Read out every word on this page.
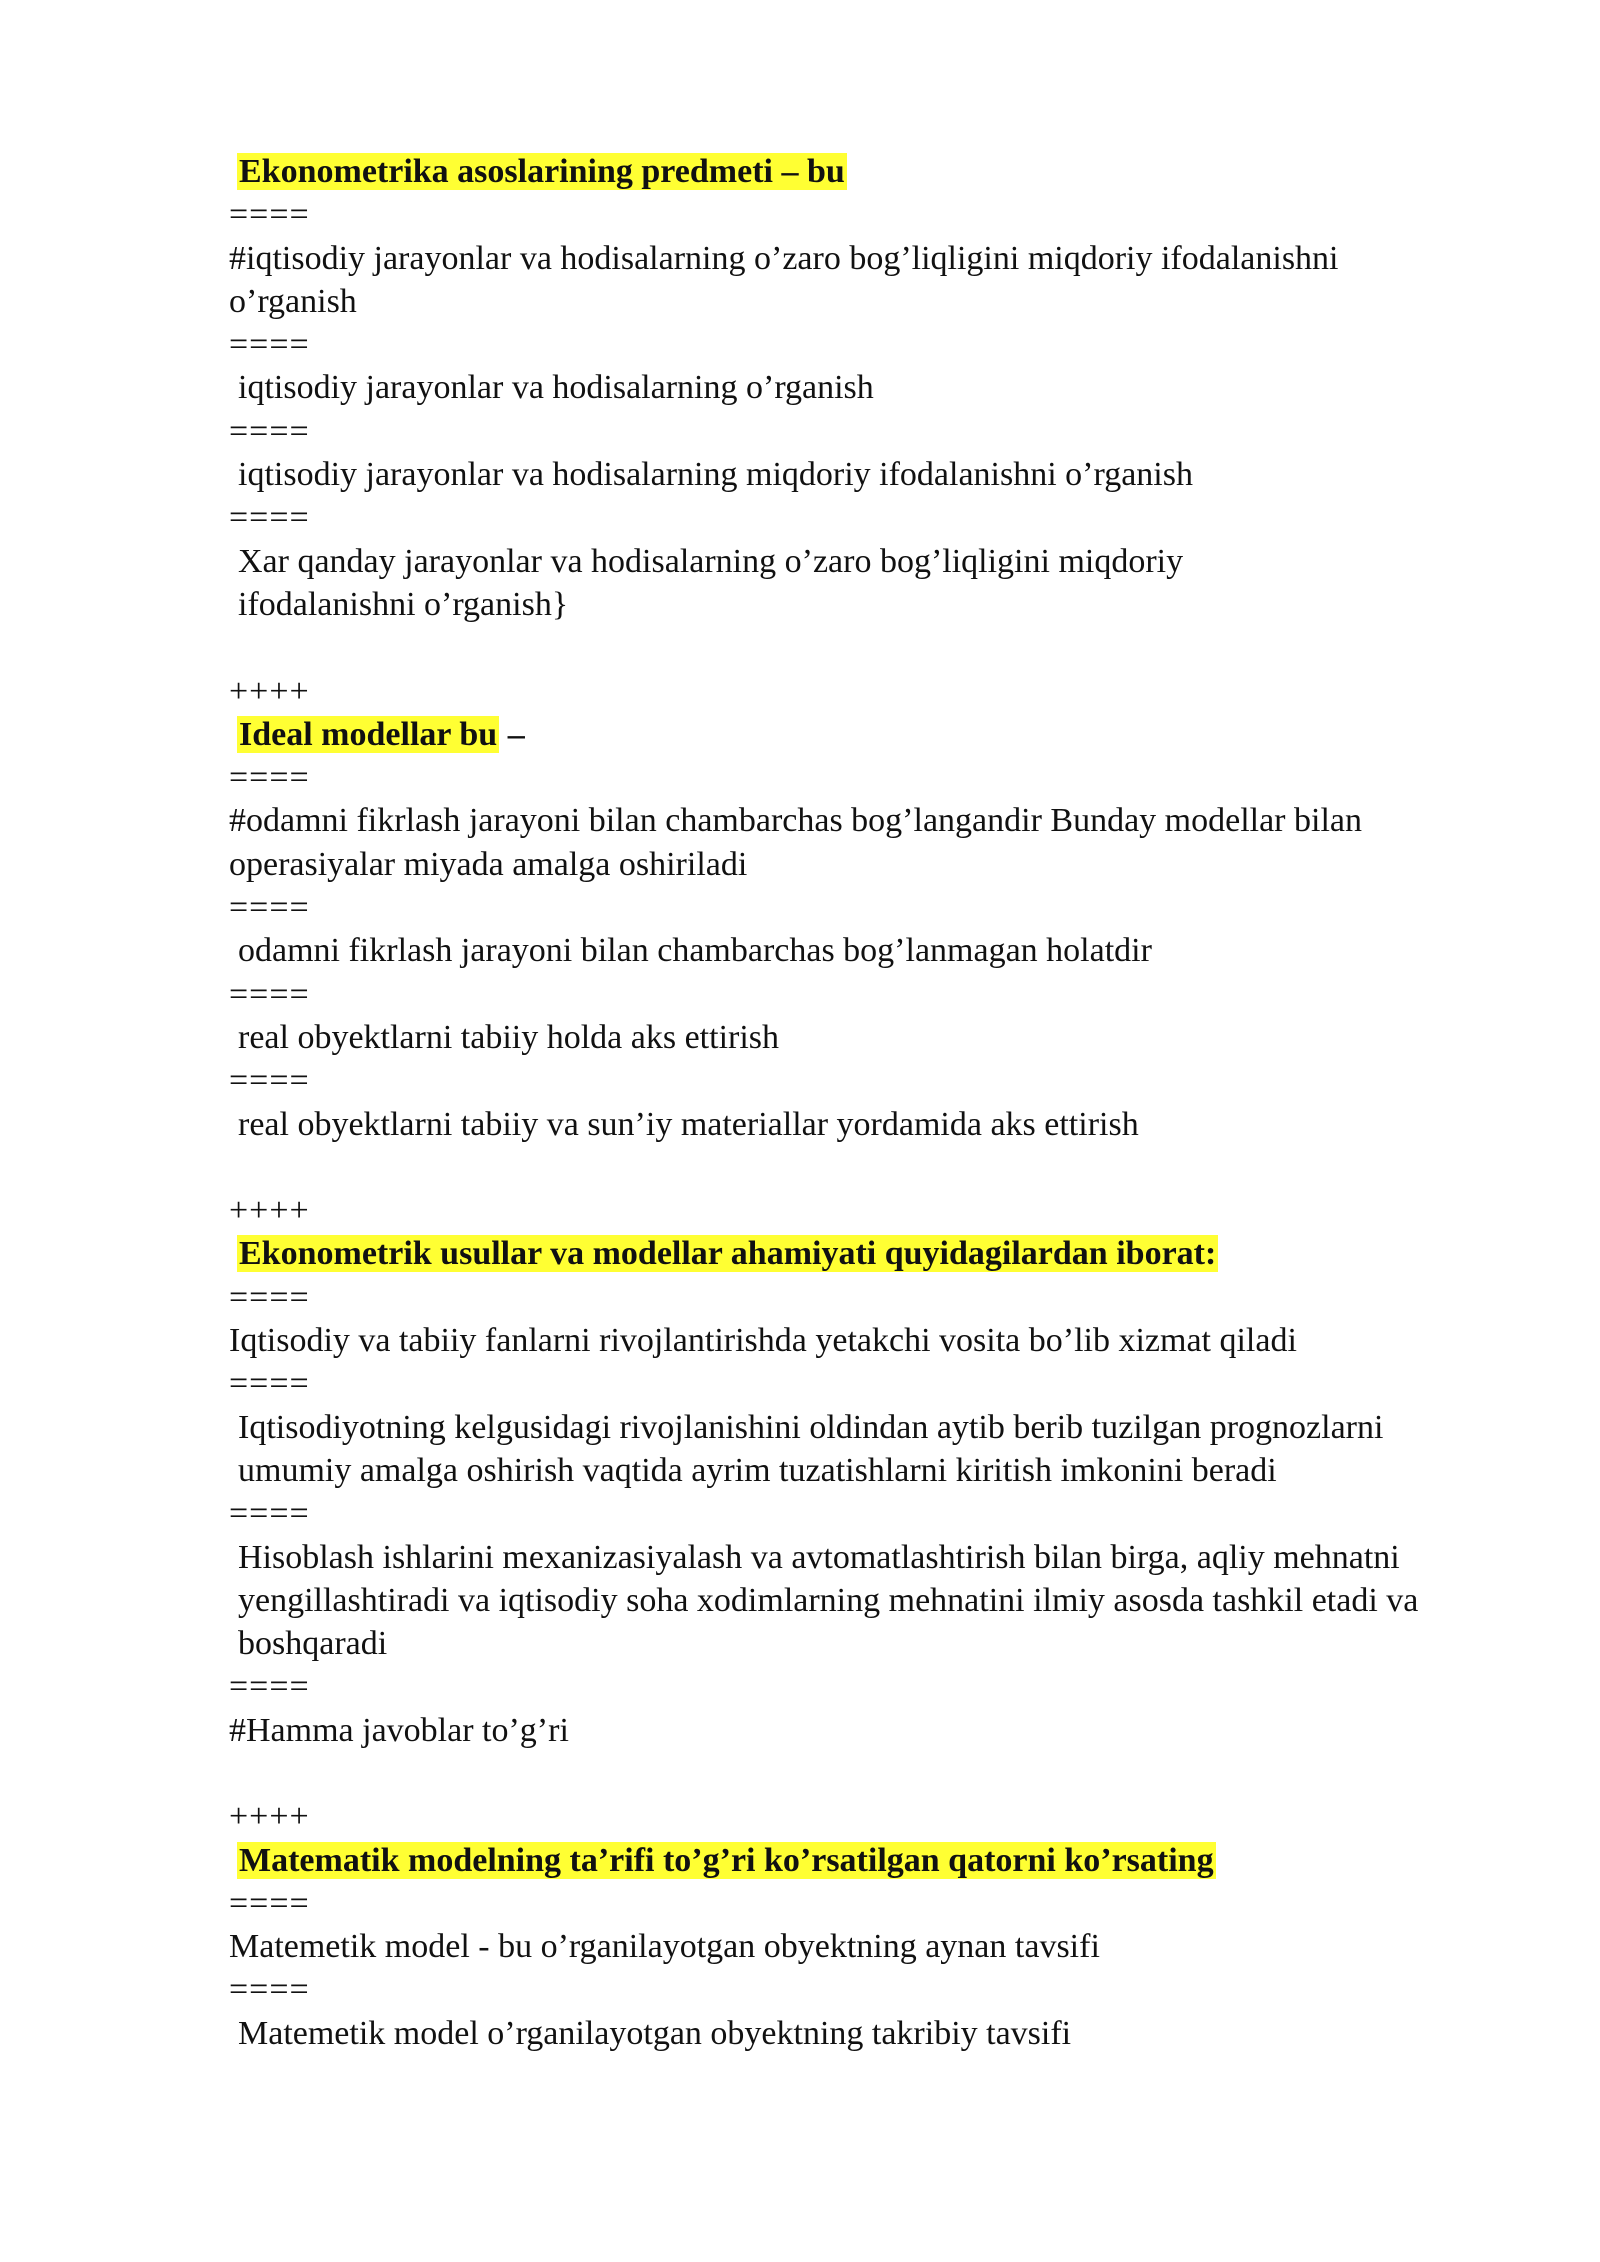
Ekonometrika asoslarining predmeti – bu

====

#iqtisodiy jarayonlar va hodisalarning o’zaro bog’liqligini miqdoriy ifodalanishni o’rganish

====

iqtisodiy jarayonlar va hodisalarning o’rganish

====

iqtisodiy jarayonlar va hodisalarning miqdoriy ifodalanishni o’rganish

====

Xar qanday jarayonlar va hodisalarning o’zaro bog’liqligini miqdoriy ifodalanishni o’rganish}

++++

Ideal modellar bu –

====

#odamni fikrlash jarayoni bilan chambarchas bog’langandir Bunday modellar bilan operasiyalar miyada amalga oshiriladi

====

odamni fikrlash jarayoni bilan chambarchas bog’lanmagan holatdir

====

real obyektlarni tabiiy holda aks ettirish

====

real obyektlarni tabiiy va sun’iy materiallar yordamida aks ettirish

++++

Ekonometrik usullar va modellar ahamiyati quyidagilardan iborat:

====

Iqtisodiy va tabiiy fanlarni rivojlantirishda yetakchi vosita bo’lib xizmat qiladi

====

Iqtisodiyotning kelgusidagi rivojlanishini oldindan aytib berib tuzilgan prognozlarni umumiy amalga oshirish vaqtida ayrim tuzatishlarni kiritish imkonini beradi

====

Hisoblash ishlarini mexanizasiyalash va avtomatlashtirish bilan birga, aqliy mehnatni yengillashtiradi va iqtisodiy soha xodimlarning mehnatini ilmiy asosda tashkil etadi va boshqaradi

====

#Hamma javoblar to’g’ri

++++

Matematik modelning ta’rifi to’g’ri ko’rsatilgan qatorni ko’rsating

====

Matemetik model - bu o’rganilayotgan obyektning aynan tavsifi

====

Matemetik model o’rganilayotgan obyektning takribiy tavsifi
